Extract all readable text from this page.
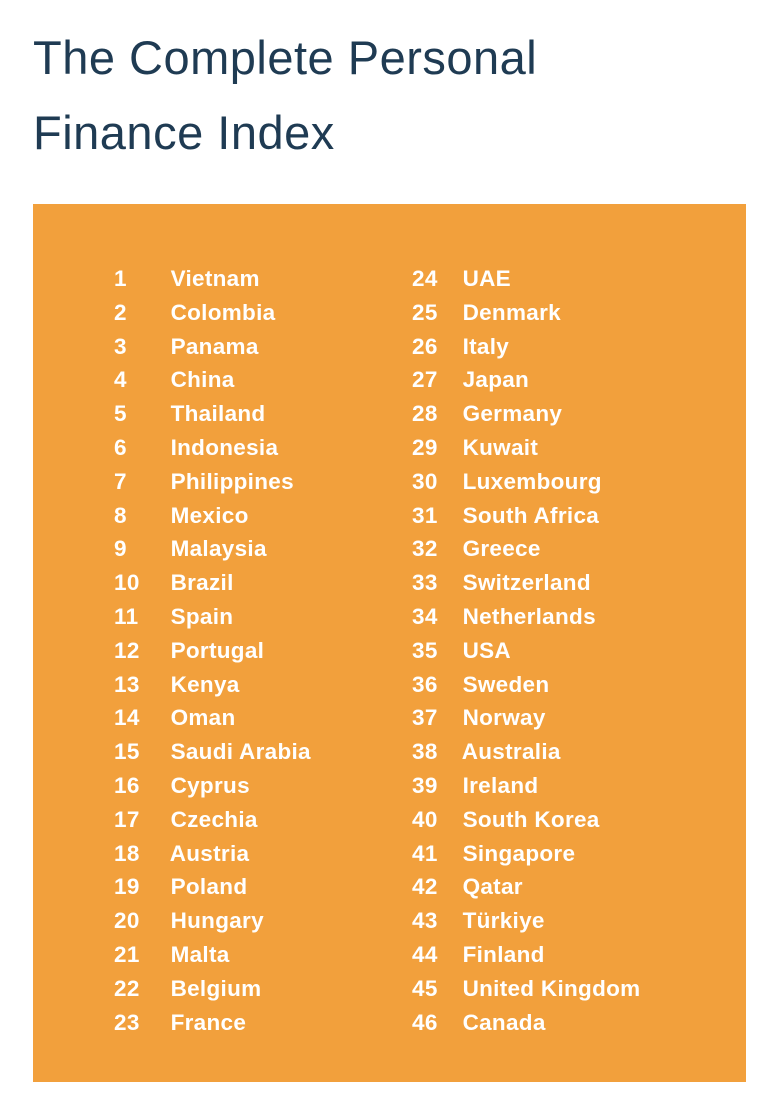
The Complete Personal
Finance Index
1 Vietnam
2 Colombia
3 Panama
4 China
5 Thailand
6 Indonesia
7 Philippines
8 Mexico
9 Malaysia
10 Brazil
11 Spain
12 Portugal
13 Kenya
14 Oman
15 Saudi Arabia
16 Cyprus
17 Czechia
18 Austria
19 Poland
20 Hungary
21 Malta
22 Belgium
23 France
24 UAE
25 Denmark
26 Italy
27 Japan
28 Germany
29 Kuwait
30 Luxembourg
31 South Africa
32 Greece
33 Switzerland
34 Netherlands
35 USA
36 Sweden
37 Norway
38 Australia
39 Ireland
40 South Korea
41 Singapore
42 Qatar
43 Türkiye
44 Finland
45 United Kingdom
46 Canada
